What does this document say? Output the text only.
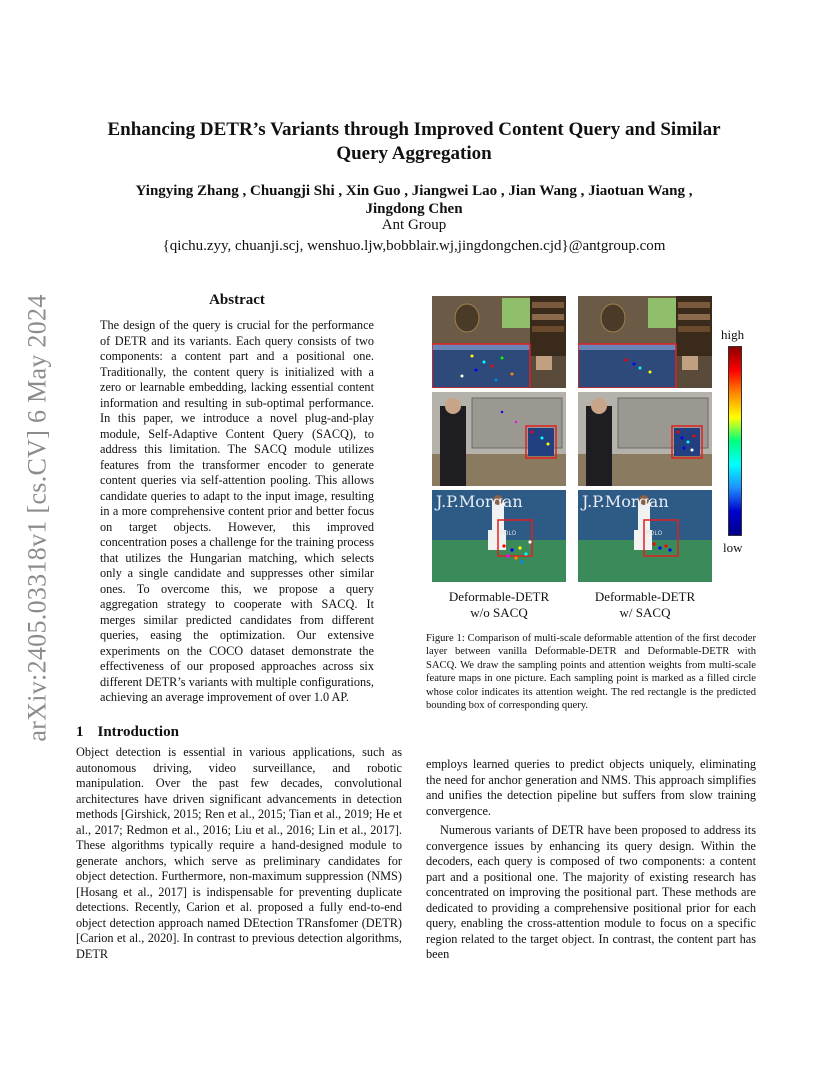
arXiv:2405.03318v1 [cs.CV] 6 May 2024
Enhancing DETR’s Variants through Improved Content Query and Similar Query Aggregation
Yingying Zhang , Chuangji Shi , Xin Guo , Jiangwei Lao , Jian Wang , Jiaotuan Wang , Jingdong Chen
Ant Group
{qichu.zyy, chuanji.scj, wenshuo.ljw,bobblair.wj,jingdongchen.cjd}@antgroup.com
Abstract
The design of the query is crucial for the performance of DETR and its variants. Each query consists of two components: a content part and a positional one. Traditionally, the content query is initialized with a zero or learnable embedding, lacking essential content information and resulting in sub-optimal performance. In this paper, we introduce a novel plug-and-play module, Self-Adaptive Content Query (SACQ), to address this limitation. The SACQ module utilizes features from the transformer encoder to generate content queries via self-attention pooling. This allows candidate queries to adapt to the input image, resulting in a more comprehensive content prior and better focus on target objects. However, this improved concentration poses a challenge for the training process that utilizes the Hungarian matching, which selects only a single candidate and suppresses other similar ones. To overcome this, we propose a query aggregation strategy to cooperate with SACQ. It merges similar predicted candidates from different queries, easing the optimization. Our extensive experiments on the COCO dataset demonstrate the effectiveness of our proposed approaches across six different DETR’s variants with multiple configurations, achieving an average improvement of over 1.0 AP.
1 Introduction
Object detection is essential in various applications, such as autonomous driving, video surveillance, and robotic manipulation. Over the past few decades, convolutional architectures have driven significant advancements in detection methods [Girshick, 2015; Ren et al., 2015; Tian et al., 2019; He et al., 2017; Redmon et al., 2016; Liu et al., 2016; Lin et al., 2017]. These algorithms typically require a hand-designed module to generate anchors, which serve as preliminary candidates for object detection. Furthermore, non-maximum suppression (NMS) [Hosang et al., 2017] is indispensable for preventing duplicate detections. Recently, Carion et al. proposed a fully end-to-end object detection approach named DEtection TRansfomer (DETR) [Carion et al., 2020]. In contrast to previous detection algorithms, DETR

employs learned queries to predict objects uniquely, eliminating the need for anchor generation and NMS. This approach simplifies and unifies the detection pipeline but suffers from slow training convergence.

Numerous variants of DETR have been proposed to address its convergence issues by enhancing its query design. Within the decoders, each query is composed of two components: a content part and a positional one. The majority of existing research has concentrated on improving the positional part. These methods are dedicated to providing a comprehensive positional prior for each query, enabling the cross-attention module to focus on a specific region related to the target object. In contrast, the content part has been

J.P.Morgan
POLO
J.P.Morgan
POLO
high
low
Deformable-DETR
w/o SACQ
Deformable-DETR
w/ SACQ
Figure 1: Comparison of multi-scale deformable attention of the first decoder layer between vanilla Deformable-DETR and Deformable-DETR with SACQ. We draw the sampling points and attention weights from multi-scale feature maps in one picture. Each sampling point is marked as a filled circle whose color indicates its attention weight. The red rectangle is the predicted bounding box of corresponding query.
